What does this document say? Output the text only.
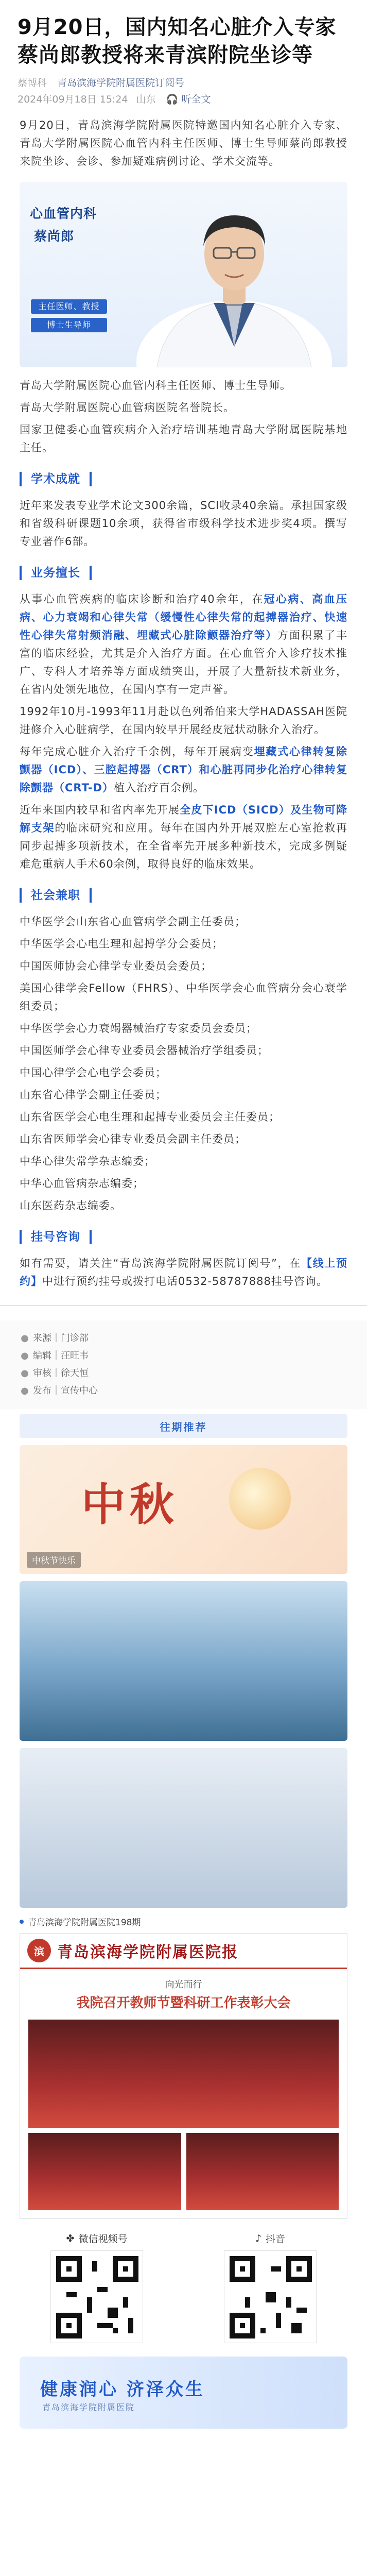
9月20日，国内知名心脏介入专家蔡尚郎教授将来青滨附院坐诊等
蔡博科 青岛滨海学院附属医院订阅号
2024年09月18日 15:24 山东 🎧 听全文

9月20日，青岛滨海学院附属医院特邀国内知名心脏介入专家、青岛大学附属医院心血管内科主任医师、博士生导师蔡尚郎教授来院坐诊、会诊、参加疑难病例讨论、学术交流等。

心血管内科
蔡尚郎
主任医师、教授
博士生导师

青岛大学附属医院心血管内科主任医师、博士生导师。

青岛大学附属医院心血管病医院名誉院长。

国家卫健委心血管疾病介入治疗培训基地青岛大学附属医院基地主任。

学术成就

近年来发表专业学术论文300余篇，SCI收录40余篇。承担国家级和省级科研课题10余项，获得省市级科学技术进步奖4项。撰写专业著作6部。

业务擅长

从事心血管疾病的临床诊断和治疗40余年，在冠心病、高血压病、心力衰竭和心律失常（缓慢性心律失常的起搏器治疗、快速性心律失常射频消融、埋藏式心脏除颤器治疗等）方面积累了丰富的临床经验，尤其是介入治疗方面。在心血管介入诊疗技术推广、专科人才培养等方面成绩突出，开展了大量新技术新业务，在省内处领先地位，在国内享有一定声誉。

1992年10月-1993年11月赴以色列希伯来大学HADASSAH医院进修介入心脏病学，在国内较早开展经皮冠状动脉介入治疗。

每年完成心脏介入治疗千余例，每年开展病变埋藏式心律转复除颤器（ICD）、三腔起搏器（CRT）和心脏再同步化治疗心律转复除颤器（CRT-D）植入治疗百余例。

近年来国内较早和省内率先开展全皮下ICD（SICD）及生物可降解支架的临床研究和应用。每年在国内外开展双腔左心室抢救再同步起搏多项新技术，在全省率先开展多种新技术，完成多例疑难危重病人手术60余例，取得良好的临床效果。

社会兼职

中华医学会山东省心血管病学会副主任委员；

中华医学会心电生理和起搏学分会委员；

中国医师协会心律学专业委员会委员；

美国心律学会Fellow（FHRS）、中华医学会心血管病分会心衰学组委员；

中华医学会心力衰竭器械治疗专家委员会委员；

中国医师学会心律专业委员会器械治疗学组委员；

中国心律学会心电学会委员；

山东省心律学会副主任委员；

山东省医学会心电生理和起搏专业委员会主任委员；

山东省医师学会心律专业委员会副主任委员；

中华心律失常学杂志编委；

中华心血管病杂志编委；

山东医药杂志编委。

挂号咨询

如有需要，请关注“青岛滨海学院附属医院订阅号”，在【线上预约】中进行预约挂号或拨打电话0532-58787888挂号咨询。

● 来源｜门诊部
● 编辑｜汪旺韦
● 审核｜徐天恒
● 发布｜宣传中心
往期推荐
中秋
中秋节快乐
青岛滨海学院附属医院198期
滨 青岛滨海学院附属医院报
向光而行
我院召开教师节暨科研工作表彰大会
✤ 微信视频号	♪ 抖音
健康润心 济泽众生
青岛滨海学院附属医院
